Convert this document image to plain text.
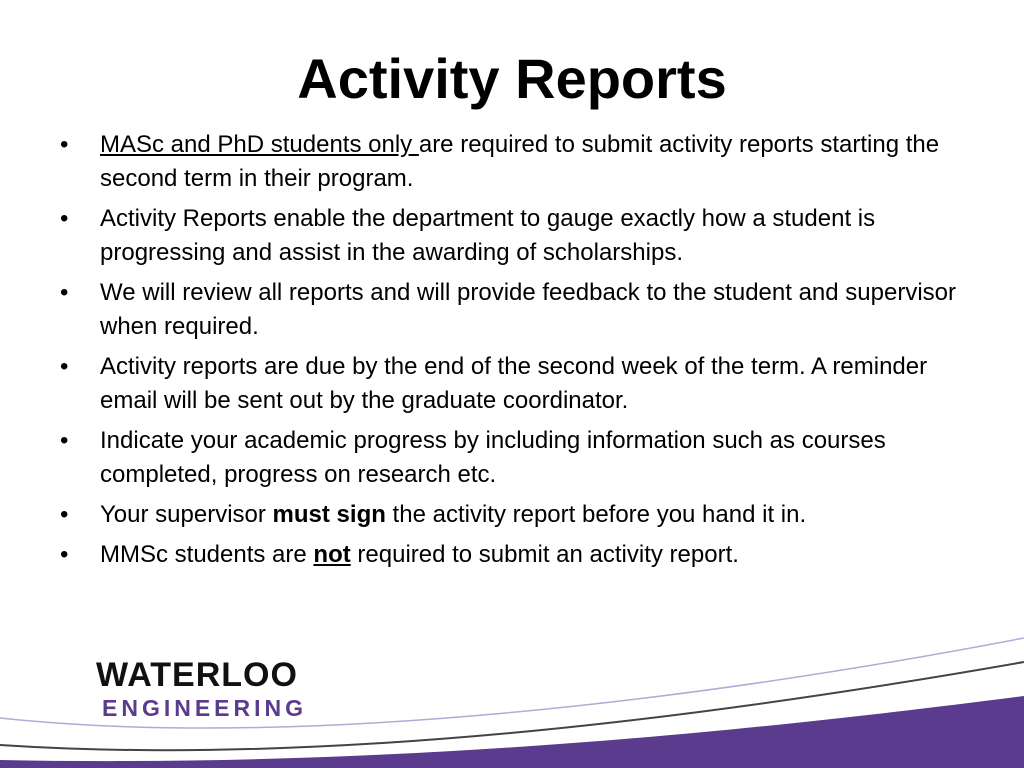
Activity Reports
• MASc and PhD students only are required to submit activity reports starting the second term in their program.
• Activity Reports enable the department to gauge exactly how a student is progressing and assist in the awarding of scholarships.
• We will review all reports and will provide feedback to the student and supervisor when required.
• Activity reports are due by the end of the second week of the term. A reminder email will be sent out by the graduate coordinator.
• Indicate your academic progress by including information such as courses completed, progress on research etc.
• Your supervisor must sign the activity report before you hand it in.
• MMSc students are not required to submit an activity report.
WATERLOO
ENGINEERING
